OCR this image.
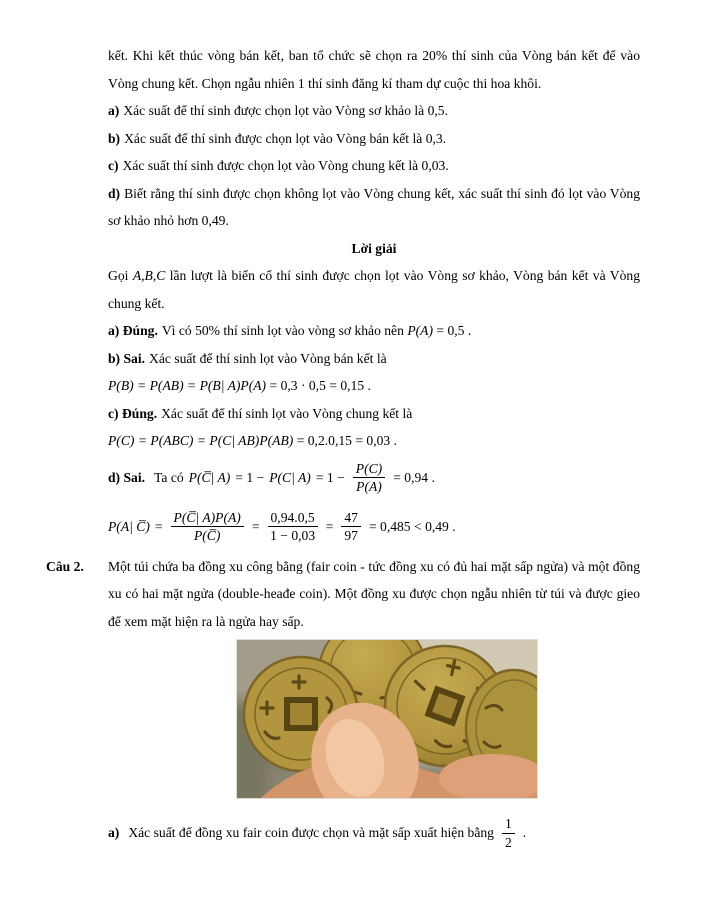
kết. Khi kết thúc vòng bán kết, ban tổ chức sẽ chọn ra 20% thí sinh của Vòng bán kết để vào Vòng chung kết. Chọn ngẫu nhiên 1 thí sinh đăng kí tham dự cuộc thi hoa khôi.

a) Xác suất để thí sinh được chọn lọt vào Vòng sơ khảo là 0,5.

b) Xác suất để thí sinh được chọn lọt vào Vòng bán kết là 0,3.

c) Xác suất thí sinh được chọn lọt vào Vòng chung kết là 0,03.

d) Biết rằng thí sinh được chọn không lọt vào Vòng chung kết, xác suất thí sinh đó lọt vào Vòng sơ khảo nhỏ hơn 0,49.

Lời giải

Gọi A,B,C lần lượt là biến cố thí sinh được chọn lọt vào Vòng sơ khảo, Vòng bán kết và Vòng chung kết.

a) Đúng. Vì có 50% thí sinh lọt vào vòng sơ khảo nên P(A) = 0,5 .

b) Sai. Xác suất để thí sinh lọt vào Vòng bán kết là

P(B) = P(AB) = P(B| A)P(A) = 0,3 · 0,5 = 0,15 .

c) Đúng. Xác suất để thí sinh lọt vào Vòng chung kết là

P(C) = P(ABC) = P(C| AB)P(AB) = 0,2.0,15 = 0,03 .

d) Sai. Ta có P(C̅| A) = 1 − P(C| $A) = 1 - \frac{P(C)}{P(A)} = 0,94$ .
P(A| C̅) = $\frac{P(C̅| A)P(A)}{P(C̅)} = \frac{0,94.0,5}{1 - 0,03} = \frac{47}{97} = 0,485 < 0,49$ .

Câu 2. Một túi chứa ba đồng xu công bằng (fair coin - tức đồng xu có đủ hai mặt sấp ngửa) và một đồng xu có hai mặt ngửa (double-heađe coin). Một đồng xu được chọn ngẫu nhiên từ túi và được gieo để xem mặt hiện ra là ngửa hay sấp.

a) Xác suất để đồng xu fair coin được chọn và mặt sấp xuất hiện bằng $\frac{1}{2}$ .
